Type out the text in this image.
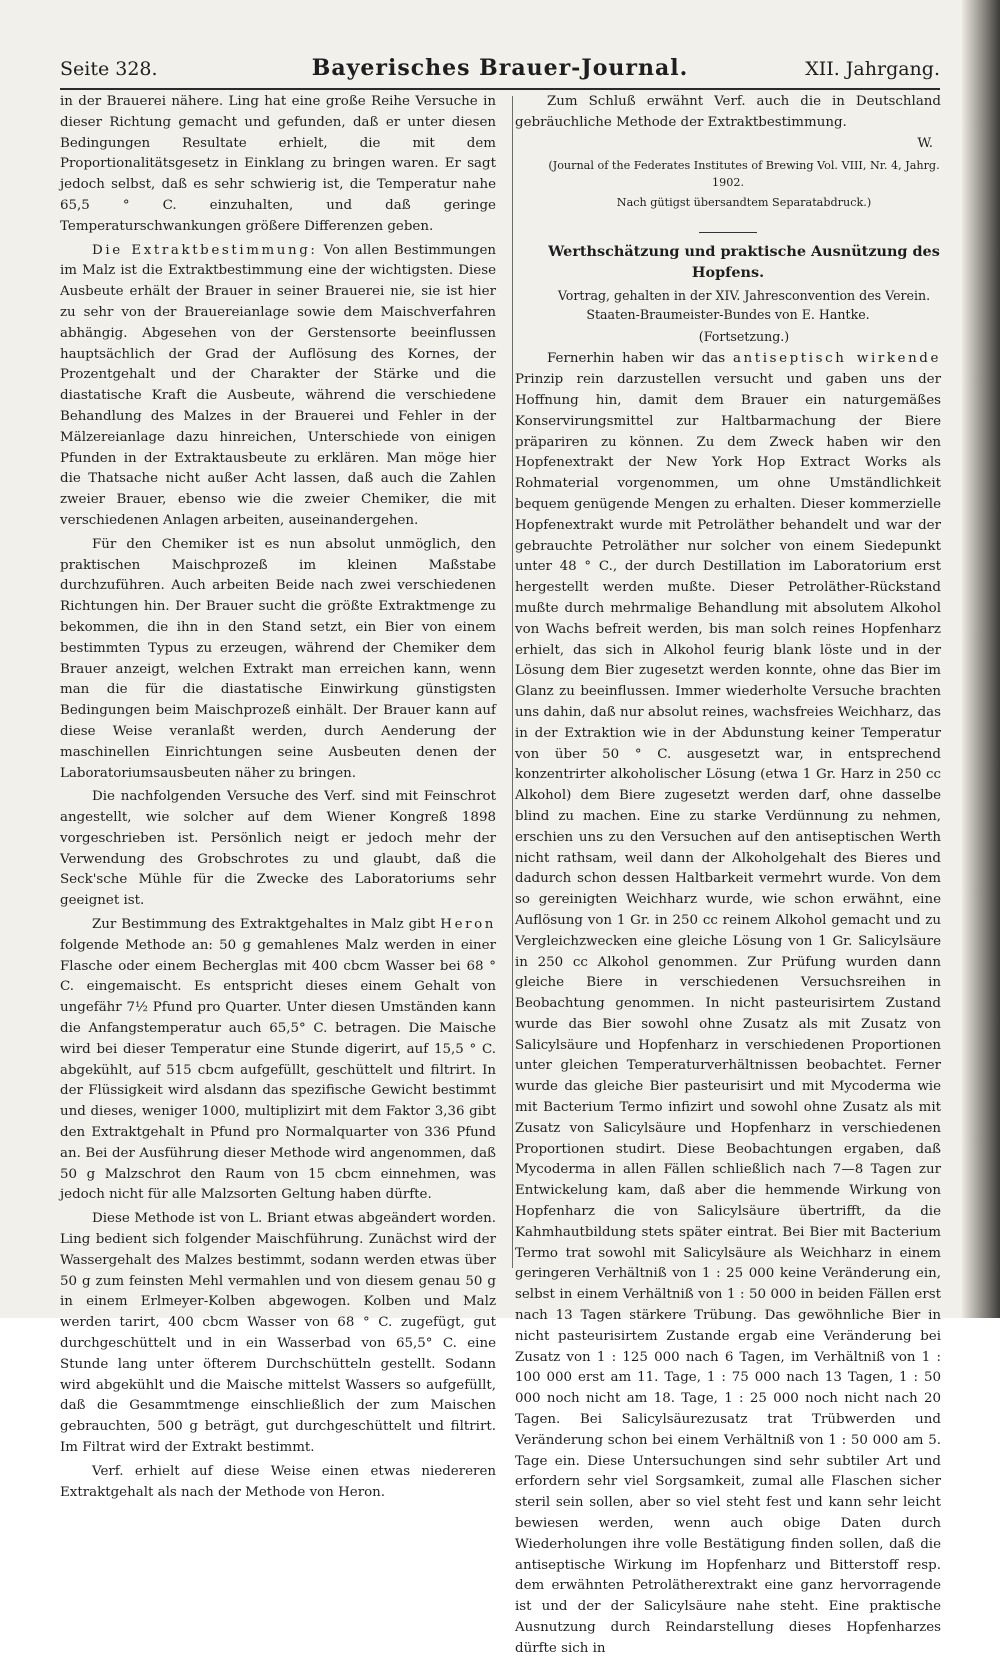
Seite 328.	Bayerisches Brauer-Journal.	XII. Jahrgang.

in der Brauerei nähere. Ling hat eine große Reihe Versuche in dieser Richtung gemacht und gefunden, daß er unter diesen Bedingungen Resultate erhielt, die mit dem Proportionalitätsgesetz in Einklang zu bringen waren. Er sagt jedoch selbst, daß es sehr schwierig ist, die Temperatur nahe 65,5 ° C. einzuhalten, und daß geringe Temperaturschwankungen größere Differenzen geben.

Die Extraktbestimmung: Von allen Bestimmungen im Malz ist die Extraktbestimmung eine der wichtigsten. Diese Ausbeute erhält der Brauer in seiner Brauerei nie, sie ist hier zu sehr von der Brauereianlage sowie dem Maischverfahren abhängig. Abgesehen von der Gerstensorte beeinflussen hauptsächlich der Grad der Auflösung des Kornes, der Prozentgehalt und der Charakter der Stärke und die diastatische Kraft die Ausbeute, während die verschiedene Behandlung des Malzes in der Brauerei und Fehler in der Mälzereianlage dazu hinreichen, Unterschiede von einigen Pfunden in der Extraktausbeute zu erklären. Man möge hier die Thatsache nicht außer Acht lassen, daß auch die Zahlen zweier Brauer, ebenso wie die zweier Chemiker, die mit verschiedenen Anlagen arbeiten, auseinandergehen.

Für den Chemiker ist es nun absolut unmöglich, den praktischen Maischprozeß im kleinen Maßstabe durchzuführen. Auch arbeiten Beide nach zwei verschiedenen Richtungen hin. Der Brauer sucht die größte Extraktmenge zu bekommen, die ihn in den Stand setzt, ein Bier von einem bestimmten Typus zu erzeugen, während der Chemiker dem Brauer anzeigt, welchen Extrakt man erreichen kann, wenn man die für die diastatische Einwirkung günstigsten Bedingungen beim Maischprozeß einhält. Der Brauer kann auf diese Weise veranlaßt werden, durch Aenderung der maschinellen Einrichtungen seine Ausbeuten denen der Laboratoriumsausbeuten näher zu bringen.

Die nachfolgenden Versuche des Verf. sind mit Feinschrot angestellt, wie solcher auf dem Wiener Kongreß 1898 vorgeschrieben ist. Persönlich neigt er jedoch mehr der Verwendung des Grobschrotes zu und glaubt, daß die Seck'sche Mühle für die Zwecke des Laboratoriums sehr geeignet ist.

Zur Bestimmung des Extraktgehaltes in Malz gibt Heron folgende Methode an: 50 g gemahlenes Malz werden in einer Flasche oder einem Becherglas mit 400 cbcm Wasser bei 68 ° C. eingemaischt. Es entspricht dieses einem Gehalt von ungefähr 7½ Pfund pro Quarter. Unter diesen Umständen kann die Anfangstemperatur auch 65,5° C. betragen. Die Maische wird bei dieser Temperatur eine Stunde digerirt, auf 15,5 ° C. abgekühlt, auf 515 cbcm aufgefüllt, geschüttelt und filtrirt. In der Flüssigkeit wird alsdann das spezifische Gewicht bestimmt und dieses, weniger 1000, multiplizirt mit dem Faktor 3,36 gibt den Extraktgehalt in Pfund pro Normalquarter von 336 Pfund an. Bei der Ausführung dieser Methode wird angenommen, daß 50 g Malzschrot den Raum von 15 cbcm einnehmen, was jedoch nicht für alle Malzsorten Geltung haben dürfte.

Diese Methode ist von L. Briant etwas abgeändert worden. Ling bedient sich folgender Maischführung. Zunächst wird der Wassergehalt des Malzes bestimmt, sodann werden etwas über 50 g zum feinsten Mehl vermahlen und von diesem genau 50 g in einem Erlmeyer-Kolben abgewogen. Kolben und Malz werden tarirt, 400 cbcm Wasser von 68 ° C. zugefügt, gut durchgeschüttelt und in ein Wasserbad von 65,5° C. eine Stunde lang unter öfterem Durchschütteln gestellt. Sodann wird abgekühlt und die Maische mittelst Wassers so aufgefüllt, daß die Gesammtmenge einschließlich der zum Maischen gebrauchten, 500 g beträgt, gut durchgeschüttelt und filtrirt. Im Filtrat wird der Extrakt bestimmt.

Verf. erhielt auf diese Weise einen etwas niedereren Extraktgehalt als nach der Methode von Heron.

Zum Schluß erwähnt Verf. auch die in Deutschland gebräuchliche Methode der Extraktbestimmung.
W.

(Journal of the Federates Institutes of Brewing Vol. VIII, Nr. 4, Jahrg. 1902.

Nach gütigst übersandtem Separatabdruck.)

Werthschätzung und praktische Ausnützung des Hopfens.

Vortrag, gehalten in der XIV. Jahresconvention des Verein. Staaten-Braumeister-Bundes von E. Hantke.

(Fortsetzung.)

Fernerhin haben wir das antiseptisch wirkende Prinzip rein darzustellen versucht und gaben uns der Hoffnung hin, damit dem Brauer ein naturgemäßes Konservirungsmittel zur Haltbarmachung der Biere präpariren zu können. Zu dem Zweck haben wir den Hopfenextrakt der New York Hop Extract Works als Rohmaterial vorgenommen, um ohne Umständlichkeit bequem genügende Mengen zu erhalten. Dieser kommerzielle Hopfenextrakt wurde mit Petroläther behandelt und war der gebrauchte Petroläther nur solcher von einem Siedepunkt unter 48 ° C., der durch Destillation im Laboratorium erst hergestellt werden mußte. Dieser Petroläther-Rückstand mußte durch mehrmalige Behandlung mit absolutem Alkohol von Wachs befreit werden, bis man solch reines Hopfenharz erhielt, das sich in Alkohol feurig blank löste und in der Lösung dem Bier zugesetzt werden konnte, ohne das Bier im Glanz zu beeinflussen. Immer wiederholte Versuche brachten uns dahin, daß nur absolut reines, wachsfreies Weichharz, das in der Extraktion wie in der Abdunstung keiner Temperatur von über 50 ° C. ausgesetzt war, in entsprechend konzentrirter alkoholischer Lösung (etwa 1 Gr. Harz in 250 cc Alkohol) dem Biere zugesetzt werden darf, ohne dasselbe blind zu machen. Eine zu starke Verdünnung zu nehmen, erschien uns zu den Versuchen auf den antiseptischen Werth nicht rathsam, weil dann der Alkoholgehalt des Bieres und dadurch schon dessen Haltbarkeit vermehrt wurde. Von dem so gereinigten Weichharz wurde, wie schon erwähnt, eine Auflösung von 1 Gr. in 250 cc reinem Alkohol gemacht und zu Vergleichzwecken eine gleiche Lösung von 1 Gr. Salicylsäure in 250 cc Alkohol genommen. Zur Prüfung wurden dann gleiche Biere in verschiedenen Versuchsreihen in Beobachtung genommen. In nicht pasteurisirtem Zustand wurde das Bier sowohl ohne Zusatz als mit Zusatz von Salicylsäure und Hopfenharz in verschiedenen Proportionen unter gleichen Temperaturverhältnissen beobachtet. Ferner wurde das gleiche Bier pasteurisirt und mit Mycoderma wie mit Bacterium Termo infizirt und sowohl ohne Zusatz als mit Zusatz von Salicylsäure und Hopfenharz in verschiedenen Proportionen studirt. Diese Beobachtungen ergaben, daß Mycoderma in allen Fällen schließlich nach 7—8 Tagen zur Entwickelung kam, daß aber die hemmende Wirkung von Hopfenharz die von Salicylsäure übertrifft, da die Kahmhautbildung stets später eintrat. Bei Bier mit Bacterium Termo trat sowohl mit Salicylsäure als Weichharz in einem geringeren Verhältniß von 1 : 25 000 keine Veränderung ein, selbst in einem Verhältniß von 1 : 50 000 in beiden Fällen erst nach 13 Tagen stärkere Trübung. Das gewöhnliche Bier in nicht pasteurisirtem Zustande ergab eine Veränderung bei Zusatz von 1 : 125 000 nach 6 Tagen, im Verhältniß von 1 : 100 000 erst am 11. Tage, 1 : 75 000 nach 13 Tagen, 1 : 50 000 noch nicht am 18. Tage, 1 : 25 000 noch nicht nach 20 Tagen. Bei Salicylsäurezusatz trat Trübwerden und Veränderung schon bei einem Verhältniß von 1 : 50 000 am 5. Tage ein. Diese Untersuchungen sind sehr subtiler Art und erfordern sehr viel Sorgsamkeit, zumal alle Flaschen sicher steril sein sollen, aber so viel steht fest und kann sehr leicht bewiesen werden, wenn auch obige Daten durch Wiederholungen ihre volle Bestätigung finden sollen, daß die antiseptische Wirkung im Hopfenharz und Bitterstoff resp. dem erwähnten Petrolätherextrakt eine ganz hervorragende ist und der der Salicylsäure nahe steht. Eine praktische Ausnutzung durch Reindarstellung dieses Hopfenharzes dürfte sich in
